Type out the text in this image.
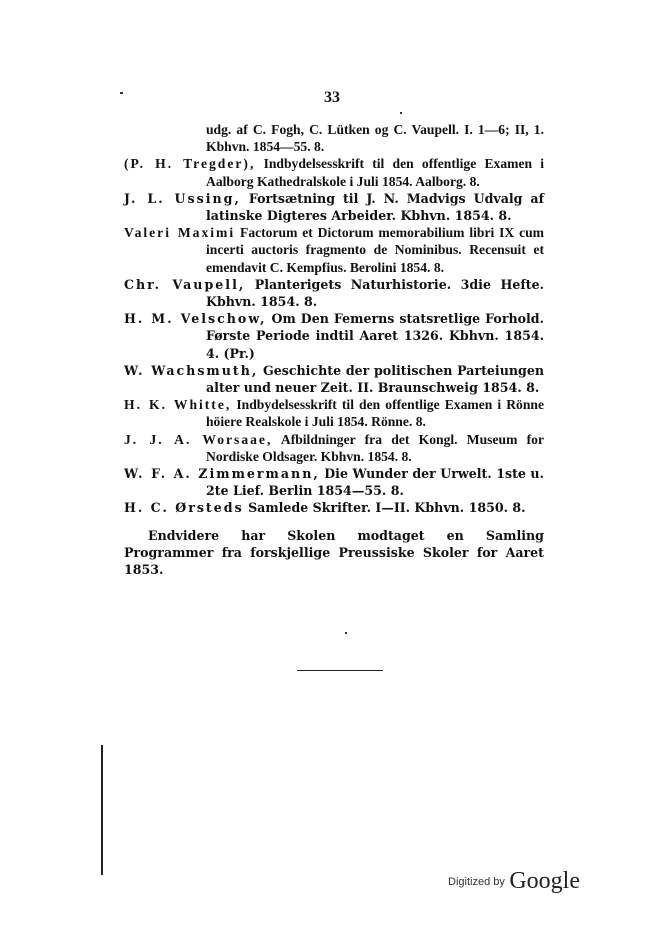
33
udg. af C. Fogh, C. Lütken og C. Vaupell. I. 1—6; II, 1. Kbhvn. 1854—55. 8.
(P. H. Tregder), Indbydelsesskrift til den offentlige Examen i Aalborg Kathedralskole i Juli 1854. Aalborg. 8.
J. L. Ussing, Fortsætning til J. N. Madvigs Udvalg af latinske Digteres Arbeider. Kbhvn. 1854. 8.
Valeri Maximi Factorum et Dictorum memorabilium libri IX cum incerti auctoris fragmento de Nominibus. Recensuit et emendavit C. Kempfius. Berolini 1854. 8.
Chr. Vaupell, Planterigets Naturhistorie. 3die Hefte. Kbhvn. 1854. 8.
H. M. Velschow, Om Den Femerns statsretlige Forhold. Første Periode indtil Aaret 1326. Kbhvn. 1854. 4. (Pr.)
W. Wachsmuth, Geschichte der politischen Parteiungen alter und neuer Zeit. II. Braunschweig 1854. 8.
H. K. Whitte, Indbydelsesskrift til den offentlige Examen i Rönne höiere Realskole i Juli 1854. Rönne. 8.
J. J. A. Worsaae, Afbildninger fra det Kongl. Museum for Nordiske Oldsager. Kbhvn. 1854. 8.
W. F. A. Zimmermann, Die Wunder der Urwelt. 1ste u. 2te Lief. Berlin 1854—55. 8.
H. C. Ørsteds Samlede Skrifter. I—II. Kbhvn. 1850. 8.
Endvidere har Skolen modtaget en Samling Programmer fra forskjellige Preussiske Skoler for Aaret 1853.
Digitized by Google
